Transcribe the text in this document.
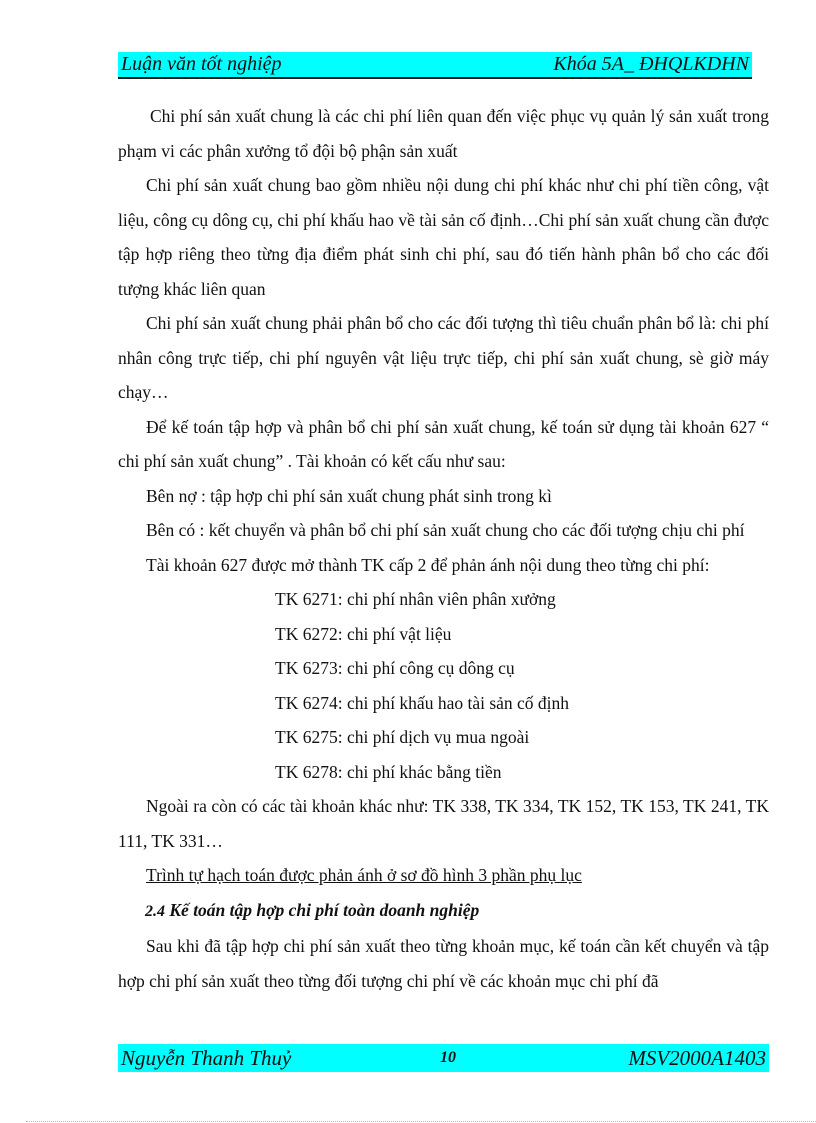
Luận văn tốt nghiệp	Khóa 5A_ ĐHQLKDHN

Chi phí sản xuất chung là các chi phí liên quan đến việc phục vụ quản lý sản xuất trong phạm vi các phân xưởng tổ đội bộ phận sản xuất

Chi phí sản xuất chung bao gồm nhiều nội dung chi phí khác như chi phí tiền công, vật liệu, công cụ dông cụ, chi phí khấu hao về tài sản cố định…Chi phí sản xuất chung cần được tập hợp riêng theo từng địa điểm phát sinh chi phí, sau đó tiến hành phân bổ cho các đối tượng khác liên quan

Chi phí sản xuất chung phải phân bổ cho các đối tượng thì tiêu chuẩn phân bổ là: chi phí nhân công trực tiếp, chi phí nguyên vật liệu trực tiếp, chi phí sản xuất chung, sè giờ máy chạy…

Để kế toán tập hợp và phân bổ chi phí sản xuất chung, kế toán sử dụng tài khoản 627 “ chi phí sản xuất chung” . Tài khoản có kết cấu như sau:

Bên nợ : tập hợp chi phí sản xuất chung phát sinh trong kì

Bên có : kết chuyển và phân bổ chi phí sản xuất chung cho các đối tượng chịu chi phí

Tài khoản 627 được mở thành TK cấp 2 để phản ánh nội dung theo từng chi phí:

TK 6271: chi phí nhân viên phân xưởng

TK 6272: chi phí vật liệu

TK 6273: chi phí công cụ dông cụ

TK 6274: chi phí khấu hao tài sản cố định

TK 6275: chi phí dịch vụ mua ngoài

TK 6278: chi phí khác bằng tiền

Ngoài ra còn có các tài khoản khác như: TK 338, TK 334, TK 152, TK 153, TK 241, TK 111, TK 331…

Trình tự hạch toán được phản ánh ở sơ đồ hình 3 phần phụ lục

2.4 Kế toán tập hợp chi phí toàn doanh nghiệp

Sau khi đã tập hợp chi phí sản xuất theo từng khoản mục, kế toán cần kết chuyển và tập hợp chi phí sản xuất theo từng đối tượng chi phí về các khoản mục chi phí đã

Nguyễn Thanh Thuỷ	10	MSV2000A1403
